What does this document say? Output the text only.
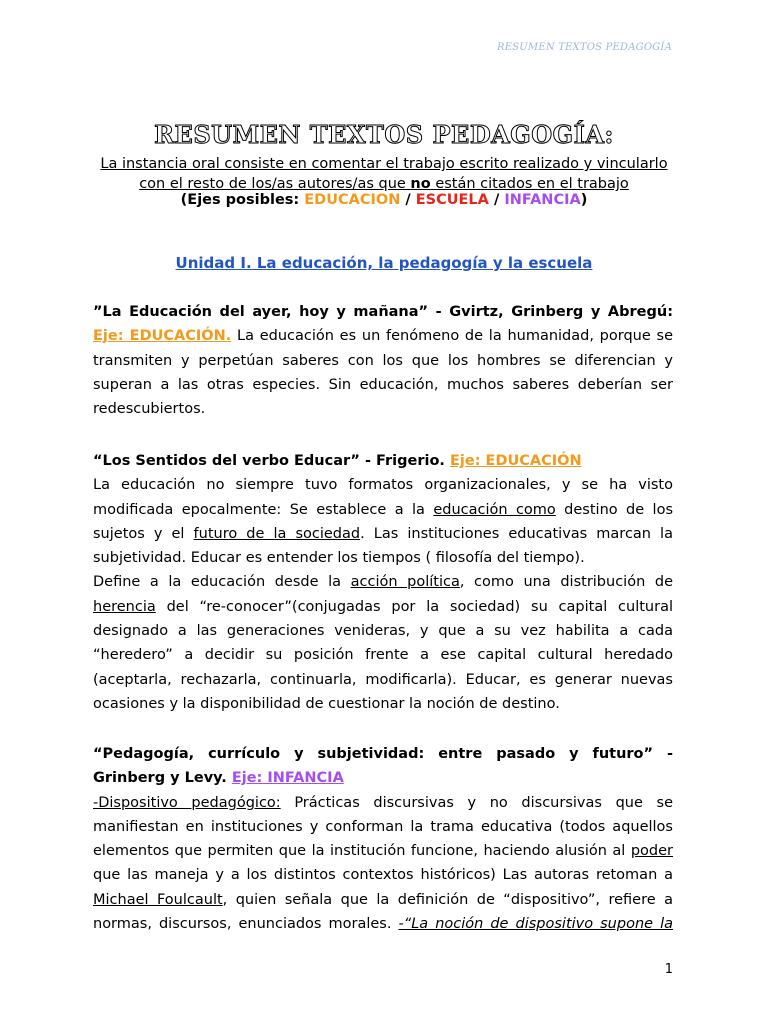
RESUMEN TEXTOS PEDAGOGÍA
RESUMEN TEXTOS PEDAGOGÍA:
La instancia oral consiste en comentar el trabajo escrito realizado y vincularlo
con el resto de los/as autores/as que no están citados en el trabajo
(Ejes posibles: EDUCACION / ESCUELA / INFANCIA)
Unidad I. La educación, la pedagogía y la escuela

”La Educación del ayer, hoy y mañana” - Gvirtz, Grinberg y Abregú: Eje: EDUCACIÓN. La educación es un fenómeno de la humanidad, porque se transmiten y perpetúan saberes con los que los hombres se diferencian y superan a las otras especies. Sin educación, muchos saberes deberían ser redescubiertos.

“Los Sentidos del verbo Educar” - Frigerio. Eje: EDUCACIÓN

La educación no siempre tuvo formatos organizacionales, y se ha visto modificada epocalmente: Se establece a la educación como destino de los sujetos y el futuro de la sociedad. Las instituciones educativas marcan la subjetividad. Educar es entender los tiempos ( filosofía del tiempo).

Define a la educación desde la acción política, como una distribución de herencia del “re-conocer”(conjugadas por la sociedad) su capital cultural designado a las generaciones venideras, y que a su vez habilita a cada “heredero” a decidir su posición frente a ese capital cultural heredado (aceptarla, rechazarla, continuarla, modificarla). Educar, es generar nuevas ocasiones y la disponibilidad de cuestionar la noción de destino.

“Pedagogía, currículo y subjetividad: entre pasado y futuro” - Grinberg y Levy. Eje: INFANCIA

-Dispositivo pedagógico: Prácticas discursivas y no discursivas que se manifiestan en instituciones y conforman la trama educativa (todos aquellos elementos que permiten que la institución funcione, haciendo alusión al poder que las maneja y a los distintos contextos históricos) Las autoras retoman a Michael Foulcault, quien señala que la definición de “dispositivo”, refiere a normas, discursos, enunciados morales. -“La noción de dispositivo supone la

1
